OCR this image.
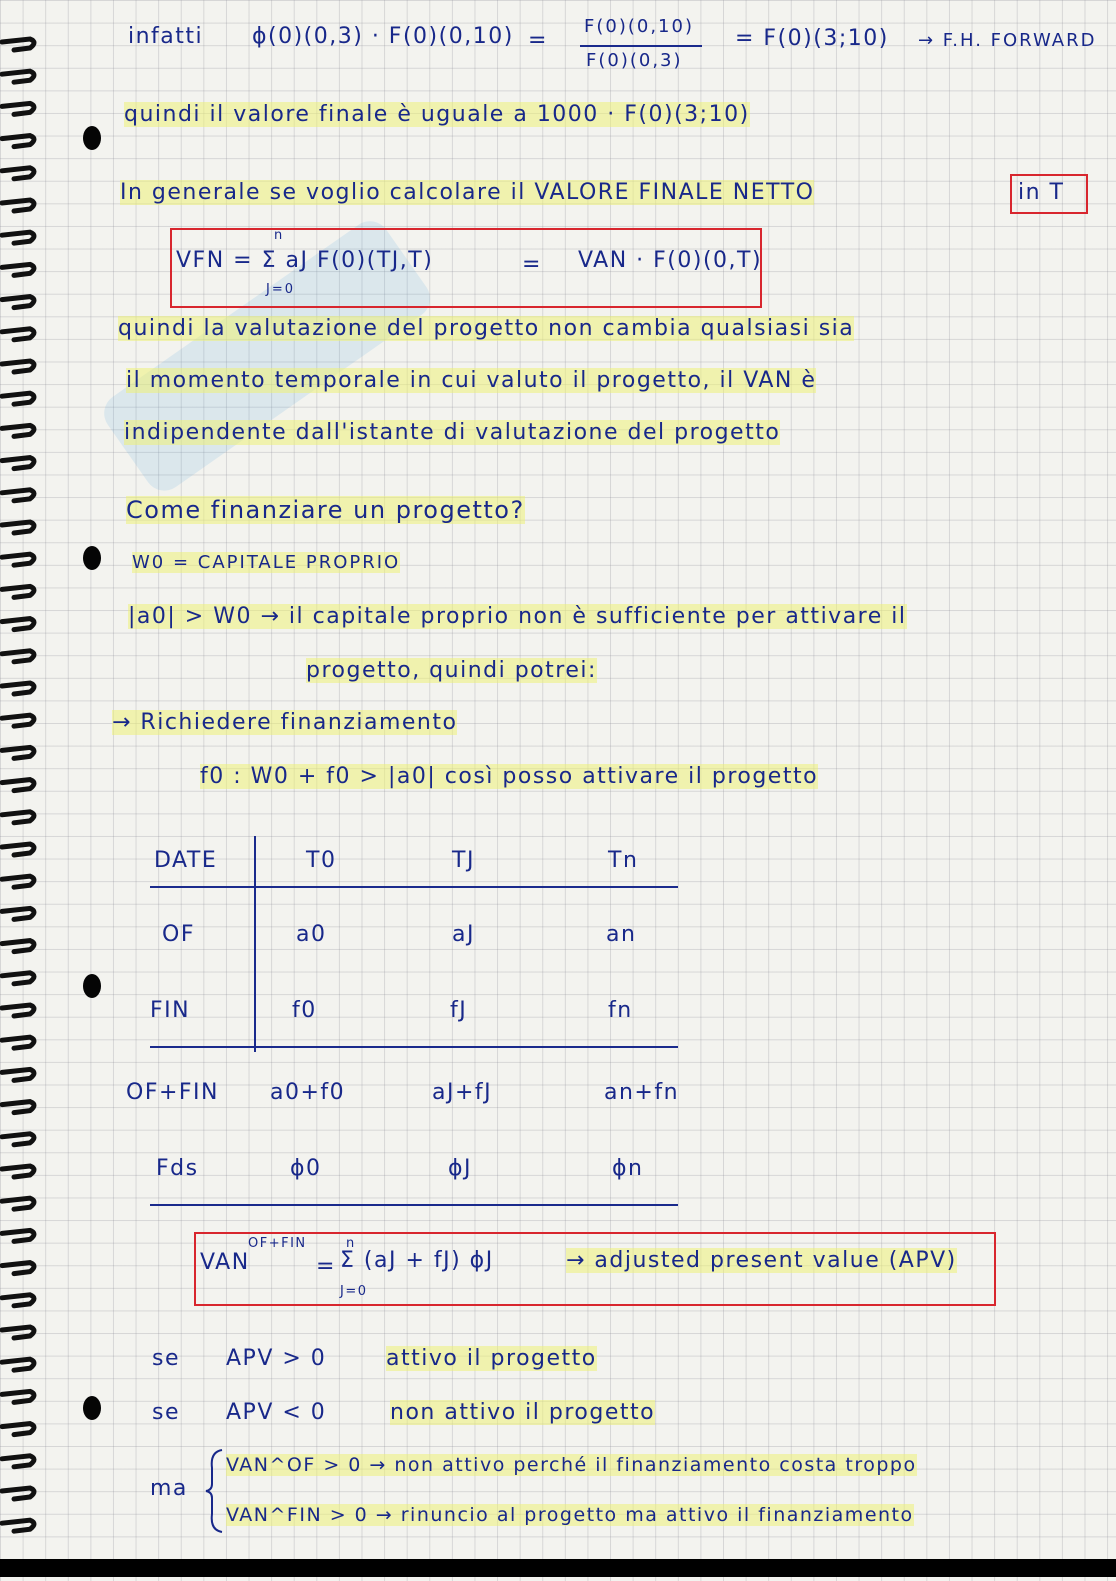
infatti ϕ(0)(0,3) · F(0)(0,10) =
F(0)(0,10)
F(0)(0,3)
= F(0)(3;10) → F.H. FORWARD
quindi il valore finale è uguale a 1000 · F(0)(3;10)
In generale se voglio calcolare il VALORE FINALE NETTO	in T
n
VFN = Σ aJ F(0)(TJ,T)
J=0
= VAN · F(0)(0,T)
quindi la valutazione del progetto non cambia qualsiasi sia
il momento temporale in cui valuto il progetto, il VAN è
indipendente dall'istante di valutazione del progetto
Come finanziare un progetto?
W0 = CAPITALE PROPRIO
|a0| > W0 → il capitale proprio non è sufficiente per attivare il
progetto, quindi potrei:
→ Richiedere finanziamento
f0 : W0 + f0 > |a0| così posso attivare il progetto
DATE	T0	TJ	Tn
OF	a0	aJ	an
FIN	f0	fJ	fn
OF+FIN a0+f0	aJ+fJ	an+fn
Fds	ϕ0	ϕJ	ϕn
VAN
OF+FIN
=
n
Σ (aJ + fJ) ϕJ
J=0
→ adjusted present value (APV)
se APV > 0	attivo il progetto
se APV < 0	non attivo il progetto
ma
VAN^OF > 0 → non attivo perché il finanziamento costa troppo
VAN^FIN > 0 → rinuncio al progetto ma attivo il finanziamento
